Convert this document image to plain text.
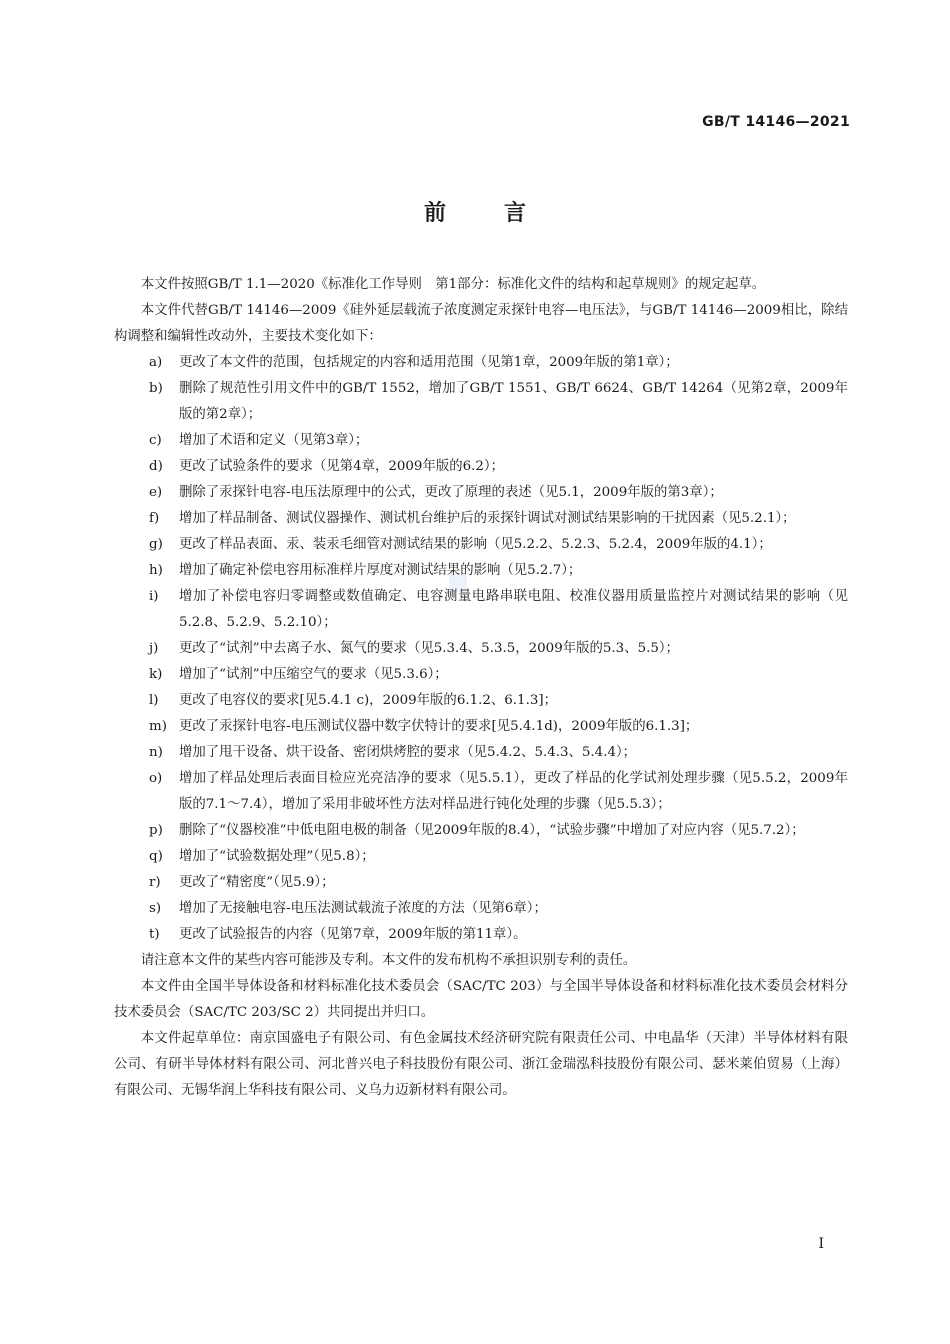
GB/T 14146—2021
前言

本文件按照GB/T 1.1—2020《标准化工作导则　第1部分：标准化文件的结构和起草规则》的规定起草。

本文件代替GB/T 14146—2009《硅外延层载流子浓度测定汞探针电容—电压法》，与GB/T 14146—2009相比，除结构调整和编辑性改动外，主要技术变化如下：

a)	更改了本文件的范围，包括规定的内容和适用范围（见第1章，2009年版的第1章）；
b)	删除了规范性引用文件中的GB/T 1552，增加了GB/T 1551、GB/T 6624、GB/T 14264（见第2章，2009年版的第2章）；
c)	增加了术语和定义（见第3章）；
d)	更改了试验条件的要求（见第4章，2009年版的6.2）；
e)	删除了汞探针电容-电压法原理中的公式，更改了原理的表述（见5.1，2009年版的第3章）；
f)	增加了样品制备、测试仪器操作、测试机台维护后的汞探针调试对测试结果影响的干扰因素（见5.2.1）；
g)	更改了样品表面、汞、装汞毛细管对测试结果的影响（见5.2.2、5.2.3、5.2.4，2009年版的4.1）；
h)	增加了确定补偿电容用标准样片厚度对测试结果的影响（见5.2.7）；
i)	增加了补偿电容归零调整或数值确定、电容测量电路串联电阻、校准仪器用质量监控片对测试结果的影响（见5.2.8、5.2.9、5.2.10）；
j)	更改了“试剂”中去离子水、氮气的要求（见5.3.4、5.3.5，2009年版的5.3、5.5）；
k)	增加了“试剂”中压缩空气的要求（见5.3.6）；
l)	更改了电容仪的要求[见5.4.1 c)，2009年版的6.1.2、6.1.3]；
m) 更改了汞探针电容-电压测试仪器中数字伏特计的要求[见5.4.1d)，2009年版的6.1.3]；
n)	增加了甩干设备、烘干设备、密闭烘烤腔的要求（见5.4.2、5.4.3、5.4.4）；
o)	增加了样品处理后表面目检应光亮洁净的要求（见5.5.1），更改了样品的化学试剂处理步骤（见5.5.2，2009年版的7.1～7.4），增加了采用非破坏性方法对样品进行钝化处理的步骤（见5.5.3）；
p)	删除了“仪器校准”中低电阻电极的制备（见2009年版的8.4），“试验步骤”中增加了对应内容（见5.7.2）；
q)	增加了“试验数据处理”（见5.8）；
r)	更改了“精密度”（见5.9）；
s)	增加了无接触电容-电压法测试载流子浓度的方法（见第6章）；
t)	更改了试验报告的内容（见第7章，2009年版的第11章）。

请注意本文件的某些内容可能涉及专利。本文件的发布机构不承担识别专利的责任。

本文件由全国半导体设备和材料标准化技术委员会（SAC/TC 203）与全国半导体设备和材料标准化技术委员会材料分技术委员会（SAC/TC 203/SC 2）共同提出并归口。

本文件起草单位：南京国盛电子有限公司、有色金属技术经济研究院有限责任公司、中电晶华（天津）半导体材料有限公司、有研半导体材料有限公司、河北普兴电子科技股份有限公司、浙江金瑞泓科技股份有限公司、瑟米莱伯贸易（上海）有限公司、无锡华润上华科技有限公司、义乌力迈新材料有限公司。

I
